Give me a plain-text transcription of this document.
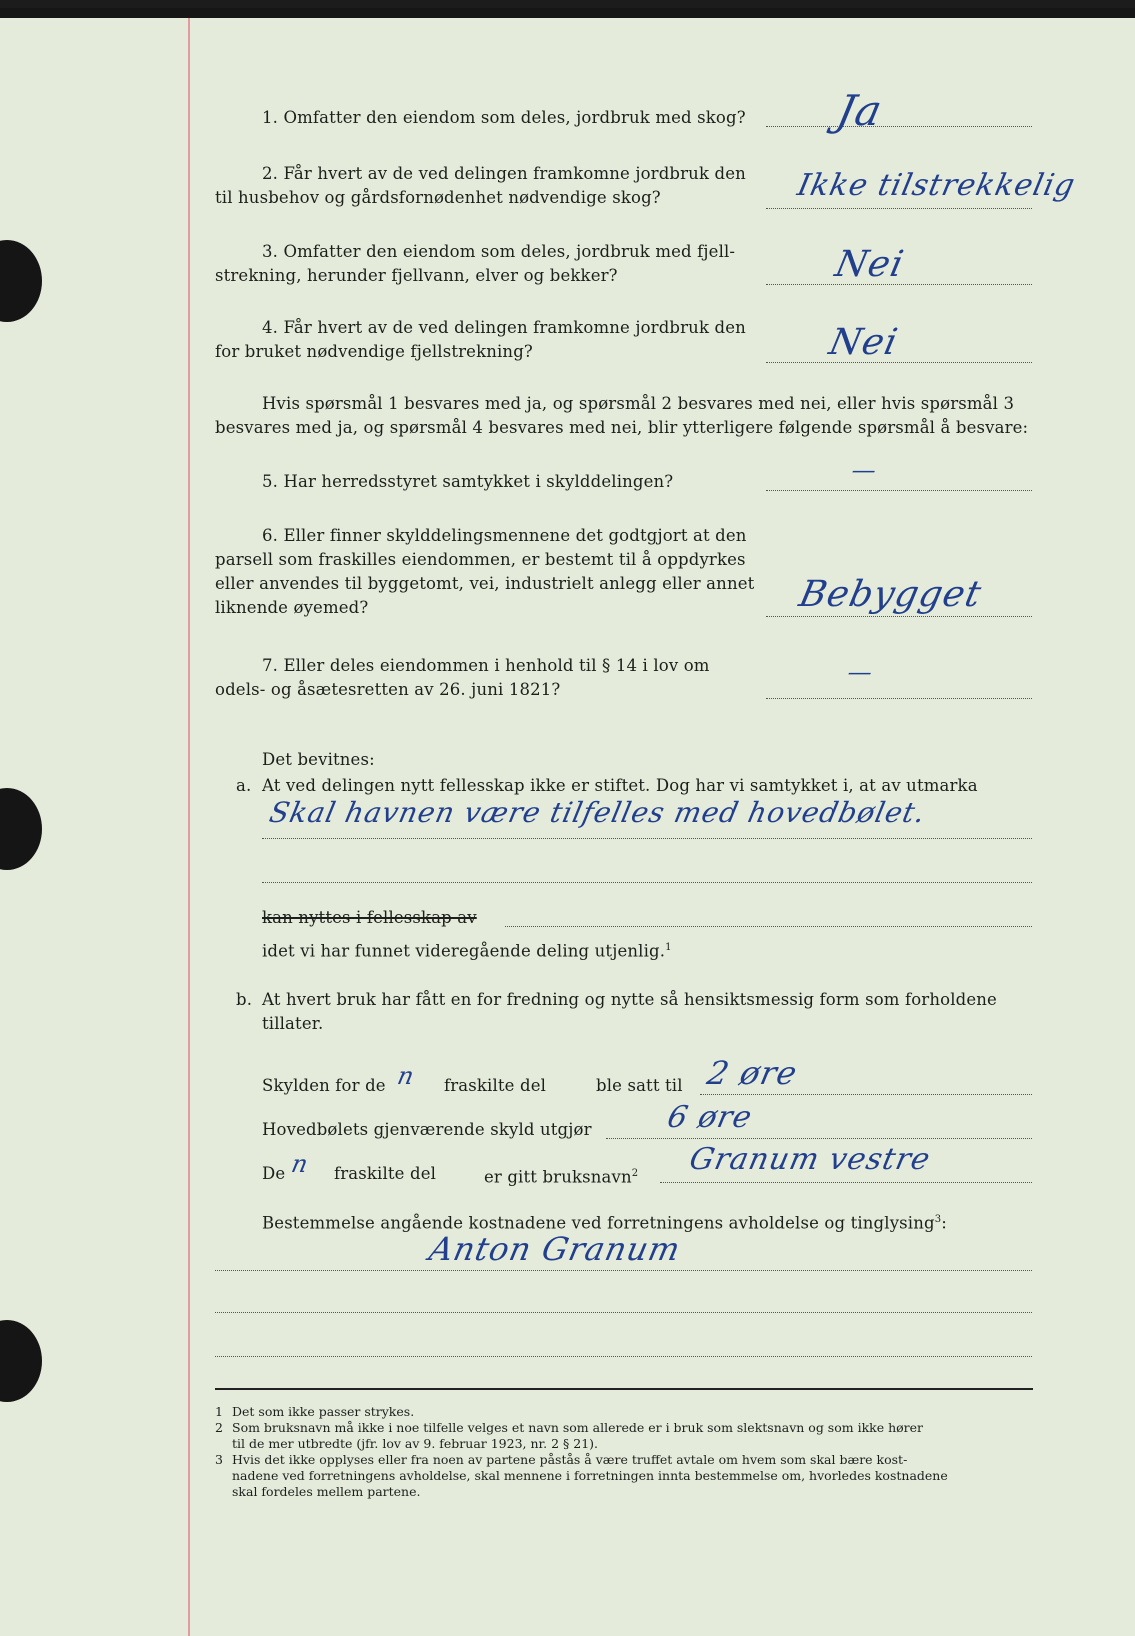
1. Omfatter den eiendom som deles, jordbruk med skog? Ja
2. Får hvert av de ved delingen framkomne jordbruk den
til husbehov og gårdsfornødenhet nødvendige skog?	Ikke tilstrekkelig
3. Omfatter den eiendom som deles, jordbruk med fjell-
strekning, herunder fjellvann, elver og bekker?	Nei
4. Får hvert av de ved delingen framkomne jordbruk den
for bruket nødvendige fjellstrekning?	Nei
Hvis spørsmål 1 besvares med ja, og spørsmål 2 besvares med nei, eller hvis spørsmål 3
besvares med ja, og spørsmål 4 besvares med nei, blir ytterligere følgende spørsmål å besvare:
5. Har herredsstyret samtykket i skylddelingen?	—
6. Eller finner skylddelingsmennene det godtgjort at den
parsell som fraskilles eiendommen, er bestemt til å oppdyrkes
eller anvendes til byggetomt, vei, industrielt anlegg eller annet
liknende øyemed?	Bebygget
7. Eller deles eiendommen i henhold til § 14 i lov om
odels- og åsætesretten av 26. juni 1821?
—
Det bevitnes:
a. At ved delingen nytt fellesskap ikke er stiftet. Dog har vi samtykket i, at av utmarka
Skal havnen være tilfelles med hovedbølet.
kan nyttes i fellesskap av
idet vi har funnet videregående deling utjenlig.$^1$
b. At hvert bruk har fått en for fredning og nytte så hensiktsmessig form som forholdene
tillater.
Skylden for de n fraskilte del	ble satt til 2 øre
Hovedbølets gjenværende skyld utgjør 6 øre
De n fraskilte del	er gitt bruksnavn$^2$ Granum vestre
Bestemmelse angående kostnadene ved forretningens avholdelse og tinglysing$^3$:
Anton Granum
1 Det som ikke passer strykes.
2 Som bruksnavn må ikke i noe tilfelle velges et navn som allerede er i bruk som slektsnavn og som ikke hører
til de mer utbredte (jfr. lov av 9. februar 1923, nr. 2 § 21).
3 Hvis det ikke opplyses eller fra noen av partene påstås å være truffet avtale om hvem som skal bære kost-
nadene ved forretningens avholdelse, skal mennene i forretningen innta bestemmelse om, hvorledes kostnadene
skal fordeles mellem partene.
